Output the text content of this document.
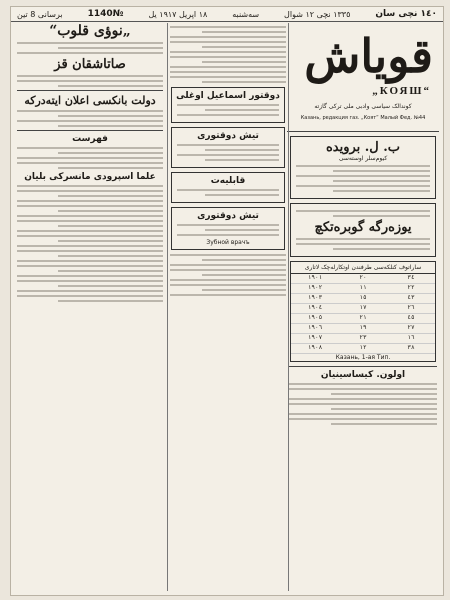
١٤٠ نچی سان
١٣٣٥ نچی ١٢ شوال
سەشنبە
١٨ اپریل ١٩١٧ یل
№1140
برسانی 8 تین
قویاش
„КОЯШ“
کوندالک سیاسی وادبی ملی ترکی گازتە
Казань, редакция газ. „Коят“ Малый Фед. №44
ب. ل. برویدە
کیوم‌سلر اوسته‌سی
یوزەرگە گوبرەتکچ
ساراتوف کنلکەسی طرفندن اوتکارلەچک لاتاری
١٩٠١	٢٠	٣٤
١٩٠٢	١١	٢٢
١٩٠٣	١٥	٤٣
١٩٠٤	١٧	٢٦
١٩٠٥	٢١	٤٥
١٩٠٦	١٩	٢٧
١٩٠٧	٢٣	١٦
١٩٠٨	١٢	٣٨
Казань, 1-ая Тип.
اولون. کیساسینیان
دوقتور اسماعیل اوغلی
تیش دوقتوری
قابلیەت
تیش دوقتوری
Зубной врачъ
„نوؤی قلوب“
صاتاشقان قز
دولت بانکسی اعلان ایتەدرکە
فهرست
علما اسپرودی مانسرکی بلیان
